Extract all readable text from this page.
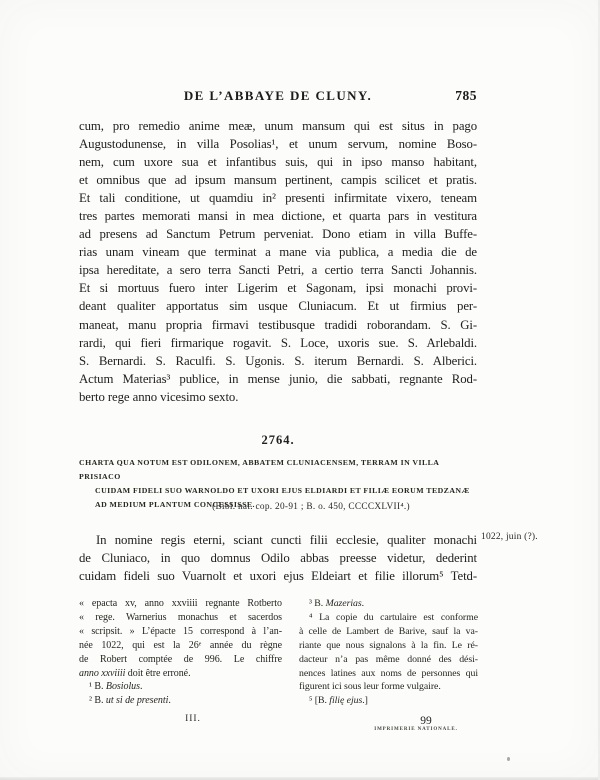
DE L’ABBAYE DE CLUNY.	785
cum, pro remedio anime meæ, unum mansum qui est situs in pago
Augustodunense, in villa Posolias¹, et unum servum, nomine Boso-
nem, cum uxore sua et infantibus suis, qui in ipso manso habitant,
et omnibus que ad ipsum mansum pertinent, campis scilicet et pratis.
Et tali conditione, ut quamdiu in² presenti infirmitate vixero, teneam
tres partes memorati mansi in mea dictione, et quarta pars in vestitura
ad presens ad Sanctum Petrum perveniat. Dono etiam in villa Buffe-
rias unam vineam que terminat a mane via publica, a media die de
ipsa hereditate, a sero terra Sancti Petri, a certio terra Sancti Johannis.
Et si mortuus fuero inter Ligerim et Sagonam, ipsi monachi provi-
deant qualiter apportatus sim usque Cluniacum. Et ut firmius per-
maneat, manu propria firmavi testibusque tradidi roborandam. S. Gi-
rardi, qui fieri firmarique rogavit. S. Loce, uxoris sue. S. Arlebaldi.
S. Bernardi. S. Raculfi. S. Ugonis. S. iterum Bernardi. S. Alberici.
Actum Materias³ publice, in mense junio, die sabbati, regnante Rod-
berto rege anno vicesimo sexto.
2764.
CHARTA QUA NOTUM EST ODILONEM, ABBATEM CLUNIACENSEM, TERRAM IN VILLA PRISIACO
CUIDAM FIDELI SUO WARNOLDO ET UXORI EJUS ELDIARDI ET FILIÆ EORUM TEDZANÆ
AD MEDIUM PLANTUM CONCESSISSE.
(Bibl. nat. cop. 20-91 ; B. o. 450, CCCCXLVII⁴.)
In nomine regis eterni, sciant cuncti filii ecclesie, qualiter monachi
de Cluniaco, in quo domnus Odilo abbas preesse videtur, dederint
cuidam fideli suo Vuarnolt et uxori ejus Eldeiart et filie illorum⁵ Tetd-
1022, juin (?).
« epacta xv, anno xxviiii regnante Rotberto
« rege. Warnerius monachus et sacerdos
« scripsit. » L’épacte 15 correspond à l’an-
née 1022, qui est la 26ᵉ année du règne
de Robert comptée de 996. Le chiffre
anno xxviiii doit être erroné.
¹ B. Bosiolus.
² B. ut si de presenti.
³ B. Mazerias.
⁴ La copie du cartulaire est conforme
à celle de Lambert de Barive, sauf la va-
riante que nous signalons à la fin. Le ré-
dacteur n’a pas même donné des dési-
nences latines aux noms de personnes qui
figurent ici sous leur forme vulgaire.
⁵ [B. filię ejus.]
III.	99
IMPRIMERIE NATIONALE.
